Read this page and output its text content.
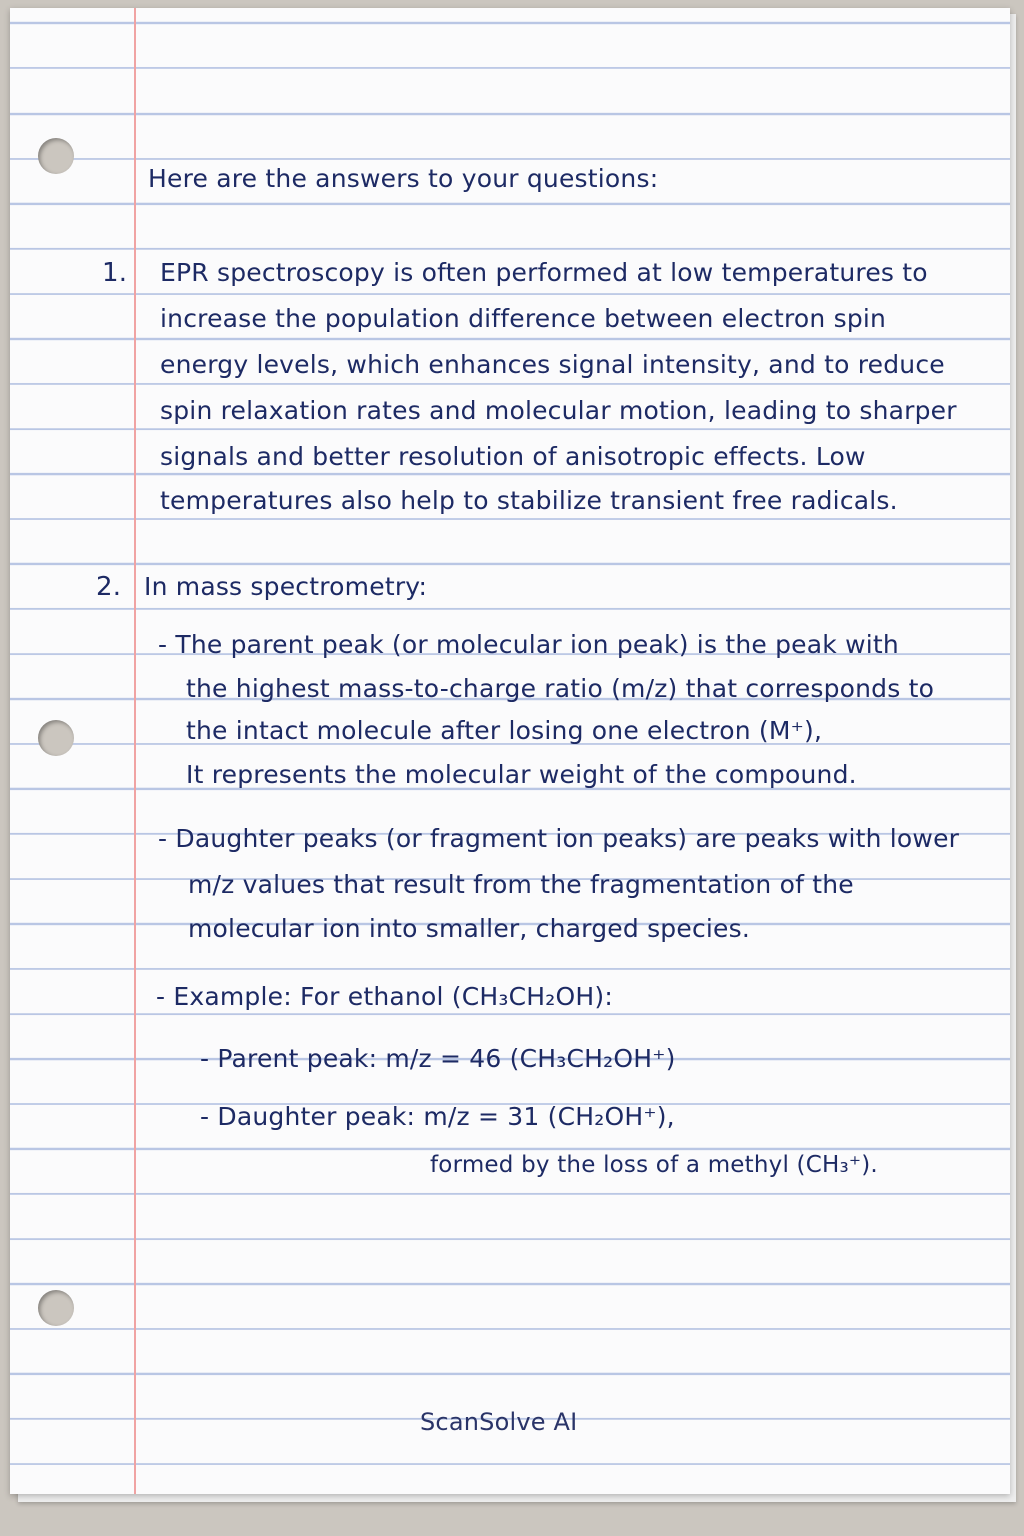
Here are the answers to your questions:
1. EPR spectroscopy is often performed at low temperatures to
increase the population difference between electron spin
energy levels, which enhances signal intensity, and to reduce
spin relaxation rates and molecular motion, leading to sharper
signals and better resolution of anisotropic effects. Low
temperatures also help to stabilize transient free radicals.
2. In mass spectrometry:
- The parent peak (or molecular ion peak) is the peak with
the highest mass-to-charge ratio (m/z) that corresponds to
the intact molecule after losing one electron (M⁺),
It represents the molecular weight of the compound.
- Daughter peaks (or fragment ion peaks) are peaks with lower
m/z values that result from the fragmentation of the
molecular ion into smaller, charged species.
- Example: For ethanol (CH₃CH₂OH):
- Parent peak: m/z = 46 (CH₃CH₂OH⁺)
- Daughter peak: m/z = 31 (CH₂OH⁺),
formed by the loss of a methyl (CH₃⁺).
ScanSolve AI
